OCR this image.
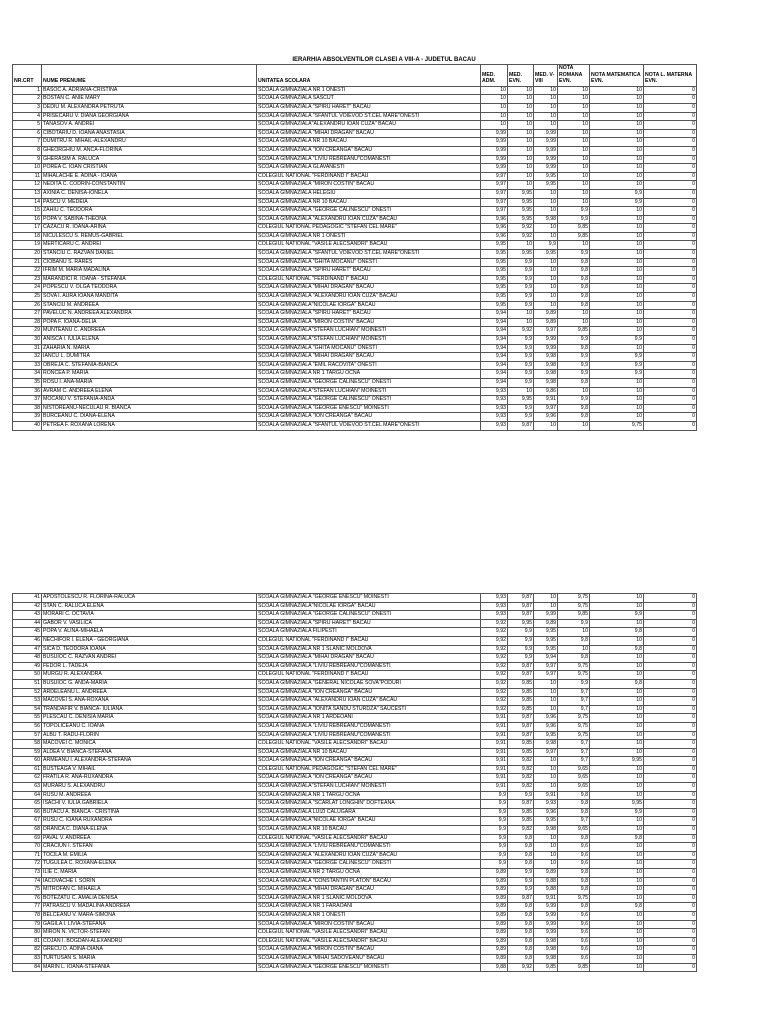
IERARHIA ABSOLVENTILOR CLASEI A VIII-A - JUDETUL BACAU
NR.CRT	NUME PRENUME	UNITATEA SCOLARA	MED. ADM.	MED. EVN.	MED. V-VIII	NOTA ROMANA EVN.	NOTA MATEMATICA EVN.	NOTA L. MATERNA EVN.
1	BASOC A. ADRIANA-CRISTINA	SCOALA GIMNAZIALA NR 1 ONESTI	10	10	10	10	10	0
2	BOSTAN C. ANIE MARY	SCOALA GIMNAZIALA SASCUT	10	10	10	10	10	0
3	DEDIU M. ALEXANDRA PETRUTA	SCOALA GIMNAZIALA "SPIRU HARET" BACAU	10	10	10	10	10	0
4	PRISECARU V. DIANA GEORGIANA	SCOALA GIMNAZIALA "SFANTUL VOIEVOD ST.CEL MARE"ONESTI	10	10	10	10	10	0
5	TANASOV A. ANDREI	SCOALA GIMNAZIALA"ALEXANDRU IOAN CUZA" BACAU	10	10	10	10	10	0
6	CIBOTARIU D. IOANA ANASTASIA	SCOALA GIMNAZIALA "MIHAI DRAGAN" BACAU	9,99	10	9,99	10	10	0
7	DUMITRU R. MIHAIL-ALEXANDRU	SCOALA GIMNAZIALA NR 10 BACAU	9,99	10	9,99	10	10	0
8	GHEORGHIU M. ANCA-FLORINA	SCOALA GIMNAZIALA "ION CREANGA" BACAU	9,99	10	9,99	10	10	0
9	GHERASIM A. RALUCA	SCOALA GIMNAZIALA "LIVIU REBREANU"COMANESTI	9,99	10	9,99	10	10	0
10	POREA C. IOAN CRISTIAN	SCOALA GIMNAZIALA GLAVANESTI	9,99	10	9,99	10	10	0
11	MIHALACHE E. ADINA - IOANA	COLEGIUL NATIONAL "FERDINAND I" BACAU	9,97	10	9,95	10	10	0
12	NEDITA C. CODRIN-CONSTANTIN	SCOALA GIMNAZIALA "MIRON COSTIN" BACAU	9,97	10	9,95	10	10	0
13	AXINIA C. DENISA-IONELA	SCOALA GIMNAZIALA HELEGIU	9,97	9,95	10	10	9,9	0
14	PASCU V. MEDEIA	SCOALA GIMNAZIALA NR 10 BACAU	9,97	9,95	10	10	9,9	0
15	ZAHIU C. TEODORA	SCOALA GIMNAZIALA "GEORGE CALINESCU" ONESTI	9,97	9,95	10	9,9	10	0
16	POPA V. SABINA-THEONA	SCOALA GIMNAZIALA "ALEXANDRU IOAN CUZA" BACAU	9,96	9,95	9,98	9,9	10	0
17	CAZACU R. IOANA-ARINA	COLEGIUL NATIONAL PEDAGOGIC "STEFAN CEL MARE"	9,96	9,92	10	9,85	10	0
18	NICULESCU S. REMUS-GABRIEL	SCOALA GIMNAZIALA NR 1 ONESTI	9,96	9,92	10	9,85	10	0
19	MERTICARU C. ANDREI	COLEGIUL NATIONAL "VASILE ALECSANDRI" BACAU	9,95	10	9,9	10	10	0
20	STANCIU C. RAZVAN DANIEL	SCOALA GIMNAZIALA "SFANTUL VOIEVOD ST.CEL MARE"ONESTI	9,95	9,95	9,95	9,9	10	0
21	CIOBANU S. RARES	SCOALA GIMNAZIALA "GHITA MOCANU" ONESTI	9,95	9,9	10	9,8	10	0
22	IFRIM M. MARIA MADALINA	SCOALA GIMNAZIALA "SPIRU HARET" BACAU	9,95	9,9	10	9,8	10	0
23	MARANDICI R. IOANA - STEFANIA	COLEGIUL NATIONAL "FERDINAND I" BACAU	9,95	9,9	10	9,8	10	0
24	POPESCU V. OLGA TEODORA	SCOALA GIMNAZIALA "MIHAI DRAGAN" BACAU	9,95	9,9	10	9,8	10	0
25	SOVA I. AURA IOANA MANDITA	SCOALA GIMNAZIALA "ALEXANDRU IOAN CUZA" BACAU	9,95	9,9	10	9,8	10	0
26	STANCIU M. ANDREEA	SCOALA GIMNAZIALA"NICOLAE IORGA" BACAU	9,95	9,9	10	9,8	10	0
27	PAVELUC N. ANDREEA ALEXANDRA	SCOALA GIMNAZIALA "SPIRU HARET" BACAU	9,94	10	9,89	10	10	0
28	POPA F. IOANA-DELIA	SCOALA GIMNAZIALA "MIRON COSTIN" BACAU	9,94	10	9,89	10	10	0
29	MUNTEANU C. ANDREEA	SCOALA GIMNAZIALA"STEFAN LUCHIAN" MOINESTI	9,94	9,92	9,97	9,85	10	0
30	ANISCA I. IULIA ELENA	SCOALA GIMNAZIALA"STEFAN LUCHIAN" MOINESTI	9,94	9,9	9,99	9,9	9,9	0
31	ZAHARIA N. MARIA	SCOALA GIMNAZIALA "GHITA MOCANU" ONESTI	9,94	9,9	9,99	9,8	10	0
32	IANCU L. DUMITRA	SCOALA GIMNAZIALA "MIHAI DRAGAN" BACAU	9,94	9,9	9,98	9,9	9,9	0
33	OBREJA C. STEFANIA-BIANCA	SCOALA GIMNAZIALA "EMIL RACOVITA" ONESTI	9,94	9,9	9,98	9,9	9,9	0
34	RONCEA P. MARIA	SCOALA GIMNAZIALA NR 1 TARGU OCNA	9,94	9,9	9,98	9,9	9,9	0
35	ROSU I. ANA-MARIA	SCOALA GIMNAZIALA "GEORGE CALINESCU" ONESTI	9,94	9,9	9,98	9,8	10	0
36	AVRAM C. ANDREEA ELENA	SCOALA GIMNAZIALA"STEFAN LUCHIAN" MOINESTI	9,93	10	9,86	10	10	0
37	MOCANU V. STEFANIA-ANDA	SCOALA GIMNAZIALA "GEORGE CALINESCU" ONESTI	9,93	9,95	9,91	9,9	10	0
38	NISTOREANU-NECULAU R. BIANCA	SCOALA GIMNAZIALA "GEORGE ENESCU" MOINESTI	9,93	9,9	9,97	9,8	10	0
39	BURCEANU C. DIANA-ELENA	SCOALA GIMNAZIALA "ION CREANGA" BACAU	9,93	9,9	9,96	9,8	10	0
40	PETREA F. ROXANA LORENA	SCOALA GIMNAZIALA "SFANTUL VOIEVOD ST.CEL MARE"ONESTI	9,93	9,87	10	10	9,75	0
41	APOSTOLESCU R. FLORINA-RALUCA	SCOALA GIMNAZIALA "GEORGE ENESCU" MOINESTI	9,93	9,87	10	9,75	10	0
42	STAN C. RALUCA ELENA	SCOALA GIMNAZIALA"NICOLAE IORGA" BACAU	9,93	9,87	10	9,75	10	0
43	MORARI C. OCTAVIA	SCOALA GIMNAZIALA "GEORGE CALINESCU" ONESTI	9,93	9,87	9,99	9,85	9,9	0
44	GABOR V. VASILICA	SCOALA GIMNAZIALA "SPIRU HARET" BACAU	9,92	9,95	9,89	9,9	10	0
45	POPA V. ALINA-MIHAELA	SCOALA GIMNAZIALA FILIPESTI	9,92	9,9	9,95	10	9,8	0
46	NECHIFOR I. ELENA - GEORGIANA	COLEGIUL NATIONAL "FERDINAND I" BACAU	9,92	9,9	9,95	9,8	10	0
47	SICA D. TEODORA IOANA	SCOALA GIMNAZIALA NR 1 SLANIC MOLDOVA	9,92	9,9	9,95	10	9,8	0
48	BUSUIOC C. RAZVAN ANDREI	SCOALA GIMNAZIALA "MIHAI DRAGAN" BACAU	9,92	9,9	9,94	9,8	10	0
49	FEDOR L. TADEJA	SCOALA GIMNAZIALA "LIVIU REBREANU"COMANESTI	9,92	9,87	9,97	9,75	10	0
50	MURGU R. ALEXANDRA	COLEGIUL NATIONAL "FERDINAND I" BACAU	9,92	9,87	9,97	9,75	10	0
51	BUSUIOC G. ANDA-MARIA	SCOALA GIMNAZIALA "GENERAL NICOLAE SOVA"PODURI	9,92	9,85	10	9,9	9,8	0
52	ARDELEANU L. ANDREEA	SCOALA GIMNAZIALA "ION CREANGA" BACAU	9,92	9,85	10	9,7	10	0
53	MACOVEI S. ANA-ROXANA	SCOALA GIMNAZIALA "ALEXANDRU IOAN CUZA" BACAU	9,92	9,85	10	9,7	10	0
54	TRANDAFIR V. BIANCA- IULIANA	SCOALA GIMNAZIALA "IONITA SANDU STURDZA" SAUCESTI	9,92	9,85	10	9,7	10	0
55	PLESCAU C. DENISIA MARIA	SCOALA GIMNAZIALA NR 1 ARDEOANI	9,91	9,87	9,96	9,75	10	0
56	TOPOLICEANU C. IOANA	SCOALA GIMNAZIALA "LIVIU REBREANU"COMANESTI	9,91	9,87	9,96	9,75	10	0
57	ALBU T. RADU-FLORIN	SCOALA GIMNAZIALA "LIVIU REBREANU"COMANESTI	9,91	9,87	9,95	9,75	10	0
58	MACOVEI C. MONICA	COLEGIUL NATIONAL "VASILE ALECSANDRI" BACAU	9,91	9,85	9,98	9,7	10	0
59	ALDEA V. BIANCA-STEFANA	SCOALA GIMNAZIALA NR 10 BACAU	9,91	9,85	9,97	9,7	10	0
60	ARMEANU I. ALEXANDRA-STEFANA	SCOALA GIMNAZIALA "ION CREANGA" BACAU	9,91	9,82	10	9,7	9,95	0
61	BUSTEAGA V. MIHAIL	COLEGIUL NATIONAL PEDAGOGIC "STEFAN CEL MARE"	9,91	9,82	10	9,65	10	0
62	FRATILA R. ANA-RUXANDRA	SCOALA GIMNAZIALA "ION CREANGA" BACAU	9,91	9,82	10	9,65	10	0
63	MURARU S. ALEXANDRU	SCOALA GIMNAZIALA"STEFAN LUCHIAN" MOINESTI	9,91	9,82	10	9,65	10	0
64	RUSU M. ANDREEA	SCOALA GIMNAZIALA NR 1 TARGU OCNA	9,9	9,9	9,91	9,8	10	0
65	ISACHI V. IULIA GABRIELA	SCOALA GIMNAZIALA "SCARLAT LONGHIN" DOFTEANA	9,9	9,87	9,93	9,8	9,95	0
66	BUTACU A. BIANCA - CRISTINA	SCOALA GIMNAZIALA LUIZI CALUGARA	9,9	9,85	9,96	9,8	9,9	0
67	RUSU C. IOANA RUXANDRA	SCOALA GIMNAZIALA"NICOLAE IORGA" BACAU	9,9	9,85	9,95	9,7	10	0
68	DRANCA C. DIANA-ELENA	SCOALA GIMNAZIALA NR 10 BACAU	9,9	9,82	9,98	9,65	10	0
69	PAVAL V. ANDREEA	COLEGIUL NATIONAL "VASILE ALECSANDRI" BACAU	9,9	9,8	10	9,8	9,8	0
70	CRACIUN I. STEFAN	SCOALA GIMNAZIALA "LIVIU REBREANU"COMANESTI	9,9	9,8	10	9,6	10	0
71	TOCILA M. EMILIA	SCOALA GIMNAZIALA "ALEXANDRU IOAN CUZA" BACAU	9,9	9,8	10	9,6	10	0
72	TUGULEA C. ROXANA-ELENA	SCOALA GIMNAZIALA "GEORGE CALINESCU" ONESTI	9,9	9,8	10	9,6	10	0
73	ILIE C. MARIA	SCOALA GIMNAZIALA NR 2 TARGU OCNA	9,89	9,9	9,89	9,8	10	0
74	IACOVACHE I. SORIN	SCOALA GIMNAZIALA "CONSTANTIN PLATON" BACAU	9,89	9,9	9,88	9,8	10	0
75	MITROFAN C. MIHAELA	SCOALA GIMNAZIALA "MIHAI DRAGAN" BACAU	9,89	9,9	9,88	9,8	10	0
76	BOTEZATU C. AMALIA DENISA	SCOALA GIMNAZIALA NR 1 SLANIC MOLDOVA	9,89	9,87	9,91	9,75	10	0
77	PATRASCU V. MADALINA ANDREEA	SCOALA GIMNAZIALA NR 1 FARAOANI	9,89	9,8	9,99	9,8	9,8	0
78	BELCEANU V. MARA-SIMONA	SCOALA GIMNAZIALA NR 1 ONESTI	9,89	9,8	9,99	9,6	10	0
79	GAGILA I. LIVIA-STEFANA	SCOALA GIMNAZIALA "MIRON COSTIN" BACAU	9,89	9,8	9,99	9,6	10	0
80	MIRON N. VICTOR-STEFAN	COLEGIUL NATIONAL "VASILE ALECSANDRI" BACAU	9,89	9,8	9,99	9,6	10	0
81	COJAN I. BOGDAN-ALEXANDRU	COLEGIUL NATIONAL "VASILE ALECSANDRI" BACAU	9,89	9,8	9,98	9,6	10	0
82	GRECU D. ADINA-DIANA	SCOALA GIMNAZIALA "MIRON COSTIN" BACAU	9,89	9,8	9,98	9,6	10	0
83	TURTUSAN S. MARIA	SCOALA GIMNAZIALA "MIHAI SADOVEANU" BACAU	9,89	9,8	9,98	9,6	10	0
84	MARIN L. IOANA-STEFANIA	SCOALA GIMNAZIALA "GEORGE ENESCU" MOINESTI	9,88	9,92	9,85	9,85	10	0
